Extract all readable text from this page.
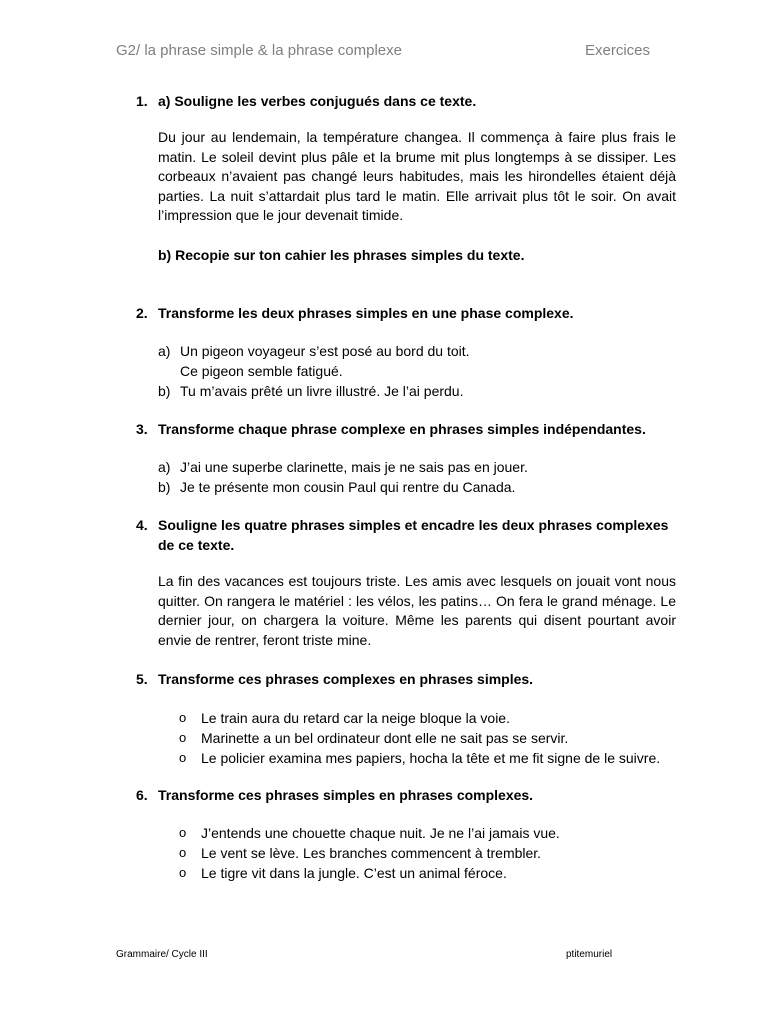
G2/ la phrase simple & la phrase complexe	Exercices
1. a) Souligne les verbes conjugués dans ce texte.
Du jour au lendemain, la température changea. Il commença à faire plus frais le matin. Le soleil devint plus pâle et la brume mit plus longtemps à se dissiper. Les corbeaux n’avaient pas changé leurs habitudes, mais les hirondelles étaient déjà parties. La nuit s’attardait plus tard le matin. Elle arrivait plus tôt le soir. On avait l’impression que le jour devenait timide.
b) Recopie sur ton cahier les phrases simples du texte.
2. Transforme les deux phrases simples en une phase complexe.
a) Un pigeon voyageur s’est posé au bord du toit.
Ce pigeon semble fatigué.
b) Tu m’avais prêté un livre illustré. Je l’ai perdu.
3. Transforme chaque phrase complexe en phrases simples indépendantes.
a) J’ai une superbe clarinette, mais je ne sais pas en jouer.
b) Je te présente mon cousin Paul qui rentre du Canada.
4. Souligne les quatre phrases simples et encadre les deux phrases complexes de ce texte.
La fin des vacances est toujours triste. Les amis avec lesquels on jouait vont nous quitter. On rangera le matériel : les vélos, les patins… On fera le grand ménage. Le dernier jour, on chargera la voiture. Même les parents qui disent pourtant avoir envie de rentrer, feront triste mine.
5. Transforme ces phrases complexes en phrases simples.
o Le train aura du retard car la neige bloque la voie.
o Marinette a un bel ordinateur dont elle ne sait pas se servir.
o Le policier examina mes papiers, hocha la tête et me fit signe de le suivre.
6. Transforme ces phrases simples en phrases complexes.
o J’entends une chouette chaque nuit. Je ne l’ai jamais vue.
o Le vent se lève. Les branches commencent à trembler.
o Le tigre vit dans la jungle. C’est un animal féroce.
Grammaire/ Cycle III	ptitemuriel
